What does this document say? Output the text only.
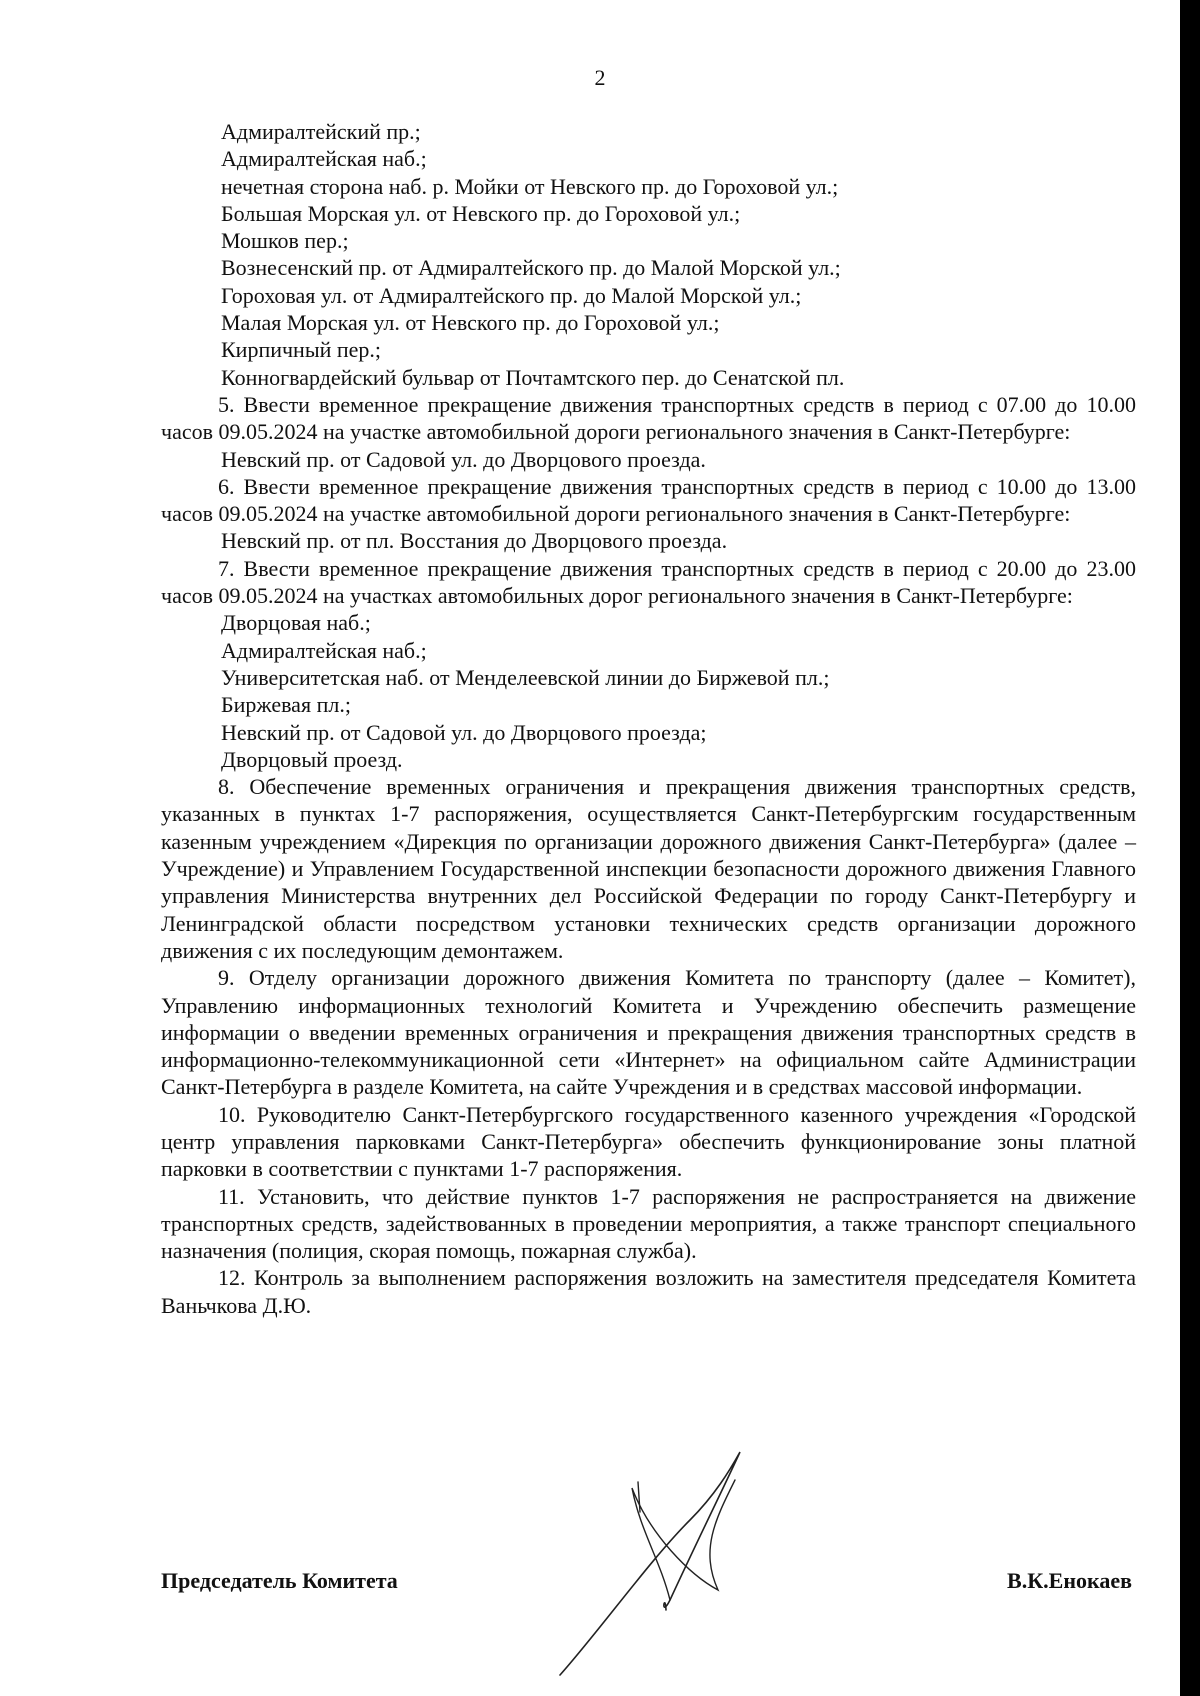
2
Адмиралтейский пр.;
Адмиралтейская наб.;
нечетная сторона наб. р. Мойки от Невского пр. до Гороховой ул.;
Большая Морская ул. от Невского пр. до Гороховой ул.;
Мошков пер.;
Вознесенский пр. от Адмиралтейского пр. до Малой Морской ул.;
Гороховая ул. от Адмиралтейского пр. до Малой Морской ул.;
Малая Морская ул. от Невского пр. до Гороховой ул.;
Кирпичный пер.;
Конногвардейский бульвар от Почтамтского пер. до Сенатской пл.
5. Ввести временное прекращение движения транспортных средств в период с 07.00 до 10.00 часов 09.05.2024 на участке автомобильной дороги регионального значения в Санкт-Петербурге:
Невский пр. от Садовой ул. до Дворцового проезда.
6. Ввести временное прекращение движения транспортных средств в период с 10.00 до 13.00 часов 09.05.2024 на участке автомобильной дороги регионального значения в Санкт-Петербурге:
Невский пр. от пл. Восстания до Дворцового проезда.
7. Ввести временное прекращение движения транспортных средств в период с 20.00 до 23.00 часов 09.05.2024 на участках автомобильных дорог регионального значения в Санкт-Петербурге:
Дворцовая наб.;
Адмиралтейская наб.;
Университетская наб. от Менделеевской линии до Биржевой пл.;
Биржевая пл.;
Невский пр. от Садовой ул. до Дворцового проезда;
Дворцовый проезд.
8. Обеспечение временных ограничения и прекращения движения транспортных средств, указанных в пунктах 1-7 распоряжения, осуществляется Санкт-Петербургским государственным казенным учреждением «Дирекция по организации дорожного движения Санкт-Петербурга» (далее – Учреждение) и Управлением Государственной инспекции безопасности дорожного движения Главного управления Министерства внутренних дел Российской Федерации по городу Санкт-Петербургу и Ленинградской области посредством установки технических средств организации дорожного движения с их последующим демонтажем.
9. Отделу организации дорожного движения Комитета по транспорту (далее – Комитет), Управлению информационных технологий Комитета и Учреждению обеспечить размещение информации о введении временных ограничения и прекращения движения транспортных средств в информационно-телекоммуникационной сети «Интернет» на официальном сайте Администрации Санкт-Петербурга в разделе Комитета, на сайте Учреждения и в средствах массовой информации.
10. Руководителю Санкт-Петербургского государственного казенного учреждения «Городской центр управления парковками Санкт-Петербурга» обеспечить функционирование зоны платной парковки в соответствии с пунктами 1-7 распоряжения.
11. Установить, что действие пунктов 1-7 распоряжения не распространяется на движение транспортных средств, задействованных в проведении мероприятия, а также транспорт специального назначения (полиция, скорая помощь, пожарная служба).
12. Контроль за выполнением распоряжения возложить на заместителя председателя Комитета Ваньчкова Д.Ю.
Председатель Комитета	В.К.Енокаев
